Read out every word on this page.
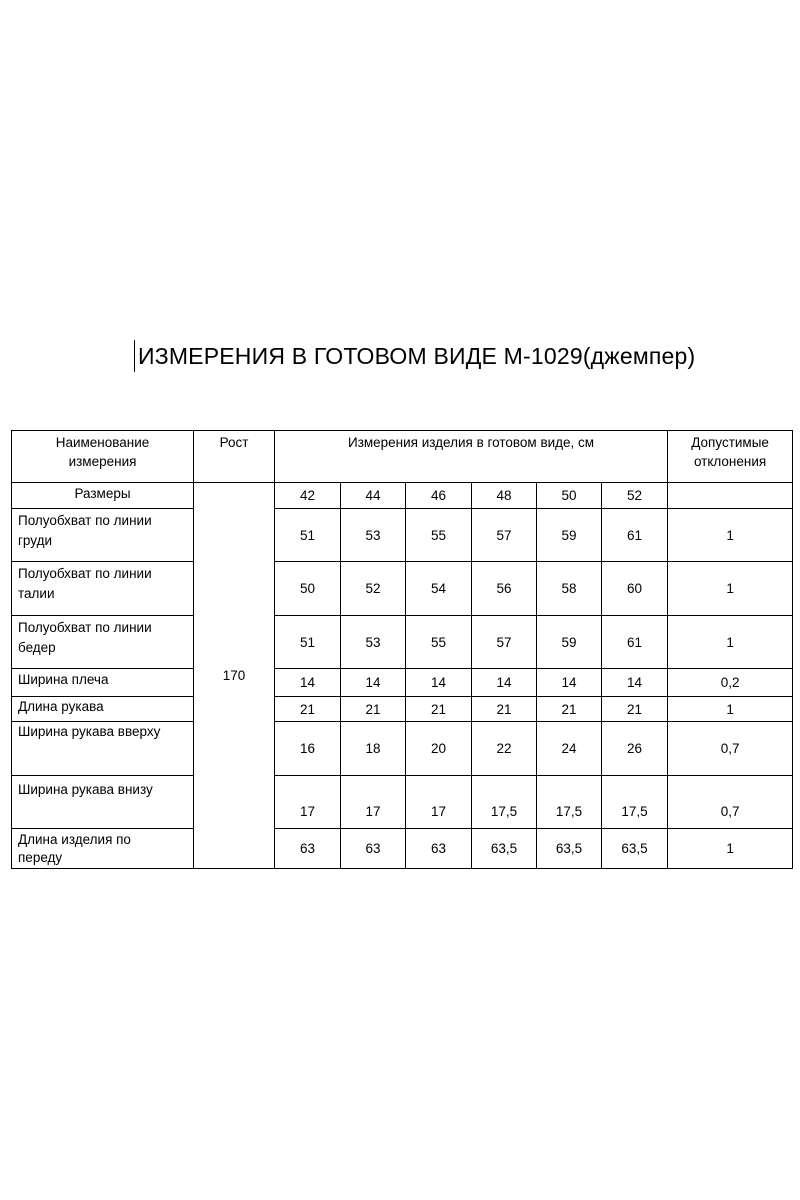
ИЗМЕРЕНИЯ В ГОТОВОМ ВИДЕ М-1029(джемпер)
Наименование измерения	Рост	Измерения изделия в готовом виде, см						Допустимые отклонения
Размеры	170	42	44	46	48	50	52	
Полуобхват по линии груди		51	53	55	57	59	61	1
Полуобхват по линии талии		50	52	54	56	58	60	1
Полуобхват по линии бедер		51	53	55	57	59	61	1
Ширина плеча		14	14	14	14	14	14	0,2
Длина рукава		21	21	21	21	21	21	1
Ширина рукава вверху		16	18	20	22	24	26	0,7
Ширина рукава внизу		17	17	17	17,5	17,5	17,5	0,7
Длина изделия по переду		63	63	63	63,5	63,5	63,5	1
